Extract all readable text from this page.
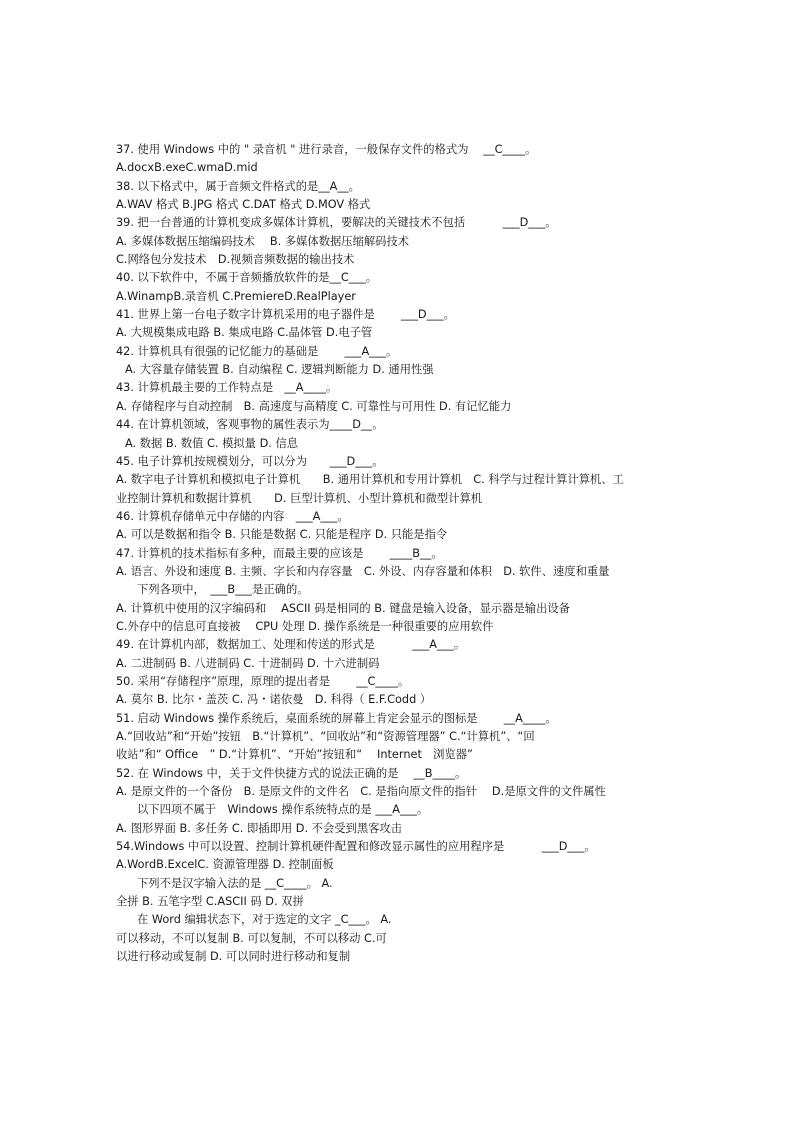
37. 使用 Windows 中的 " 录音机 " 进行录音，一般保存文件的格式为　 __C____。
A.docxB.exeC.wmaD.mid
38. 以下格式中，属于音频文件格式的是__A__。
A.WAV 格式 B.JPG 格式 C.DAT 格式 D.MOV 格式
39. 把一台普通的计算机变成多媒体计算机，要解决的关键技术不包括　　　 ___D___。
A. 多媒体数据压缩编码技术　 B. 多媒体数据压缩解码技术
C.网络包分发技术　D.视频音频数据的输出技术
40. 以下软件中，不属于音频播放软件的是__C___。
A.WinampB.录音机 C.PremiereD.RealPlayer
41. 世界上第一台电子数字计算机采用的电子器件是　　 ___D___。
A. 大规模集成电路 B. 集成电路 C.晶体管 D.电子管
42. 计算机具有很强的记忆能力的基础是　　 ___A___。
A. 大容量存储装置 B. 自动编程 C. 逻辑判断能力 D. 通用性强
43. 计算机最主要的工作特点是　__A____。
A. 存储程序与自动控制　B. 高速度与高精度 C. 可靠性与可用性 D. 有记忆能力
44. 在计算机领域，客观事物的属性表示为____D__。
A. 数据 B. 数值 C. 模拟量 D. 信息
45. 电子计算机按规模划分，可以分为　　___D___。
A. 数字电子计算机和模拟电子计算机　　B. 通用计算机和专用计算机　C. 科学与过程计算计算机、工
业控制计算机和数据计算机　　D. 巨型计算机、小型计算机和微型计算机
46. 计算机存储单元中存储的内容　___A___。
A. 可以是数据和指令 B. 只能是数据 C. 只能是程序 D. 只能是指令
47. 计算机的技术指标有多种，而最主要的应该是　　 ____B__。
A. 语言、外设和速度 B. 主频、字长和内存容量　C. 外设、内存容量和体积　D. 软件、速度和重量
下列各项中，　___B___是正确的。
A. 计算机中使用的汉字编码和　 ASCII 码是相同的 B. 键盘是输入设备，显示器是输出设备
C.外存中的信息可直接被　 CPU 处理 D. 操作系统是一种很重要的应用软件
49. 在计算机内部，数据加工、处理和传送的形式是　　　 ___A___。
A. 二进制码 B. 八进制码 C. 十进制码 D. 十六进制码
50. 采用“存储程序”原理，原理的提出者是　　 __C____。
A. 莫尔 B. 比尔・盖茨 C. 冯・诺依曼　D. 科得（ E.F.Codd ）
51. 启动 Windows 操作系统后，桌面系统的屏幕上肯定会显示的图标是　　 __A____。
A.“回收站”和“开始”按钮　B.“计算机”、“回收站”和“资源管理器” C.“计算机”、“回
收站”和“ Office　” D.“计算机”、“开始”按钮和“　 Internet　浏览器”
52. 在 Windows 中，关于文件快捷方式的说法正确的是　 __B____。
A. 是原文件的一个备份　B. 是原文件的文件名　C. 是指向原文件的指针　 D.是原文件的文件属性
以下四项不属于　Windows 操作系统特点的是 ___A___。
A. 图形界面 B. 多任务 C. 即插即用 D. 不会受到黑客攻击
54.Windows 中可以设置、控制计算机硬件配置和修改显示属性的应用程序是　　　 ___D___。
A.WordB.ExcelC. 资源管理器 D. 控制面板
下列不是汉字输入法的是 __C____。 A.
全拼 B. 五笔字型 C.ASCII 码 D. 双拼
在 Word 编辑状态下，对于选定的文字 _C___。 A.
可以移动，不可以复制 B. 可以复制，不可以移动 C.可
以进行移动或复制 D. 可以同时进行移动和复制
